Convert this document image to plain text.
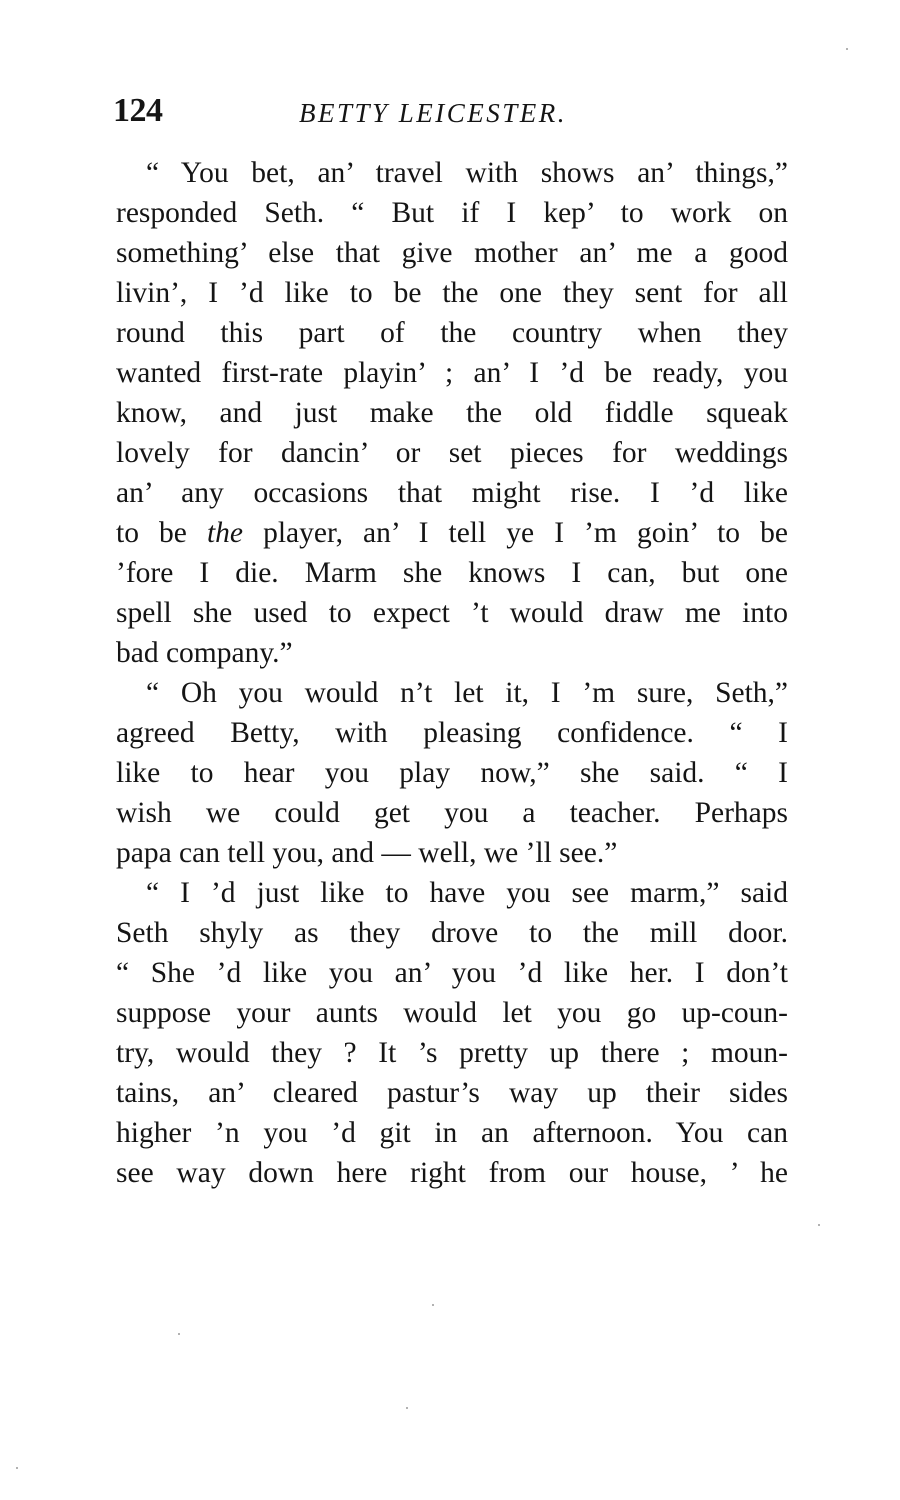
124	BETTY LEICESTER.
“ You bet, an’ travel with shows an’ things,”
responded Seth. “ But if I kep’ to work on
something’ else that give mother an’ me a good
livin’, I ’d like to be the one they sent for all
round this part of the country when they
wanted first-rate playin’ ; an’ I ’d be ready, you
know, and just make the old fiddle squeak
lovely for dancin’ or set pieces for weddings
an’ any occasions that might rise. I ’d like
to be the player, an’ I tell ye I ’m goin’ to be
’fore I die. Marm she knows I can, but one
spell she used to expect ’t would draw me into
bad company.”
“ Oh you would n’t let it, I ’m sure, Seth,”
agreed Betty, with pleasing confidence. “ I
like to hear you play now,” she said. “ I
wish we could get you a teacher. Perhaps
papa can tell you, and — well, we ’ll see.”
“ I ’d just like to have you see marm,” said
Seth shyly as they drove to the mill door.
“ She ’d like you an’ you ’d like her. I don’t
suppose your aunts would let you go up-coun-
try, would they ? It ’s pretty up there ; moun-
tains, an’ cleared pastur’s way up their sides
higher ’n you ’d git in an afternoon. You can
see way down here right from our house, ’ he
